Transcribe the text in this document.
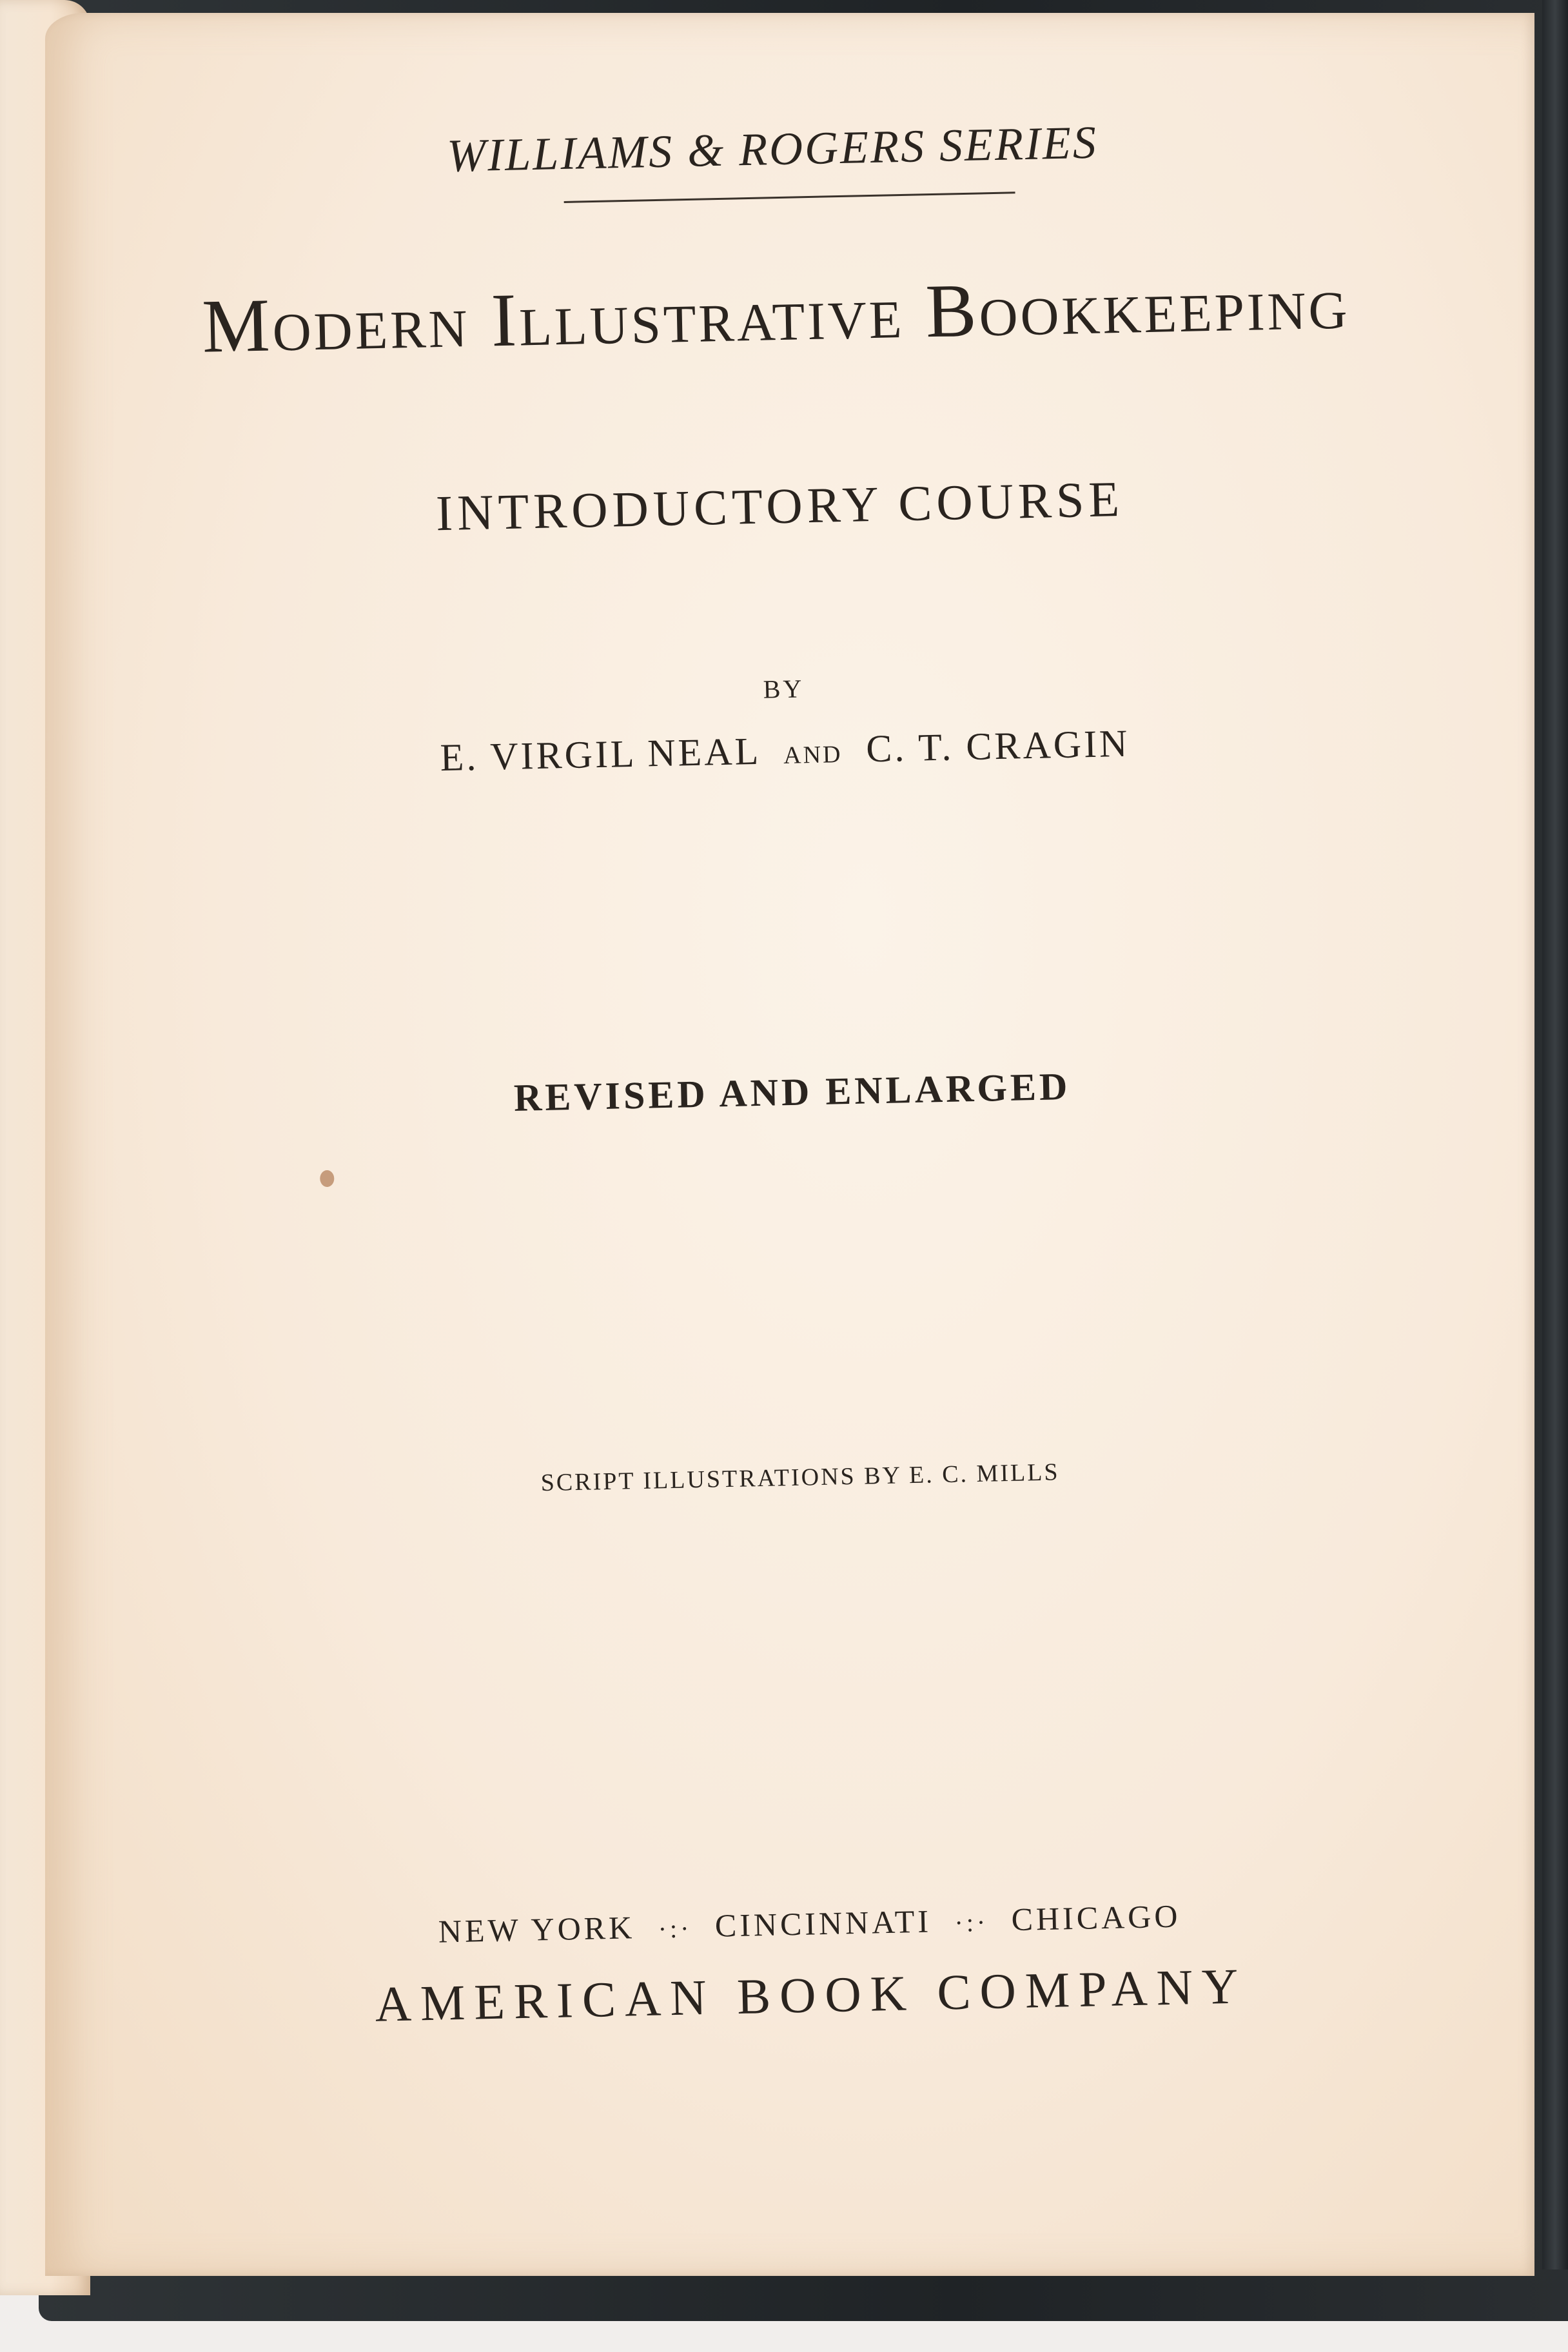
WILLIAMS & ROGERS SERIES
Modern Illustrative Bookkeeping
INTRODUCTORY COURSE
BY
E. VIRGIL NEAL AND C. T. CRAGIN
REVISED AND ENLARGED
SCRIPT ILLUSTRATIONS BY E. C. MILLS
NEW YORK ·:· CINCINNATI ·:· CHICAGO
AMERICAN BOOK COMPANY
